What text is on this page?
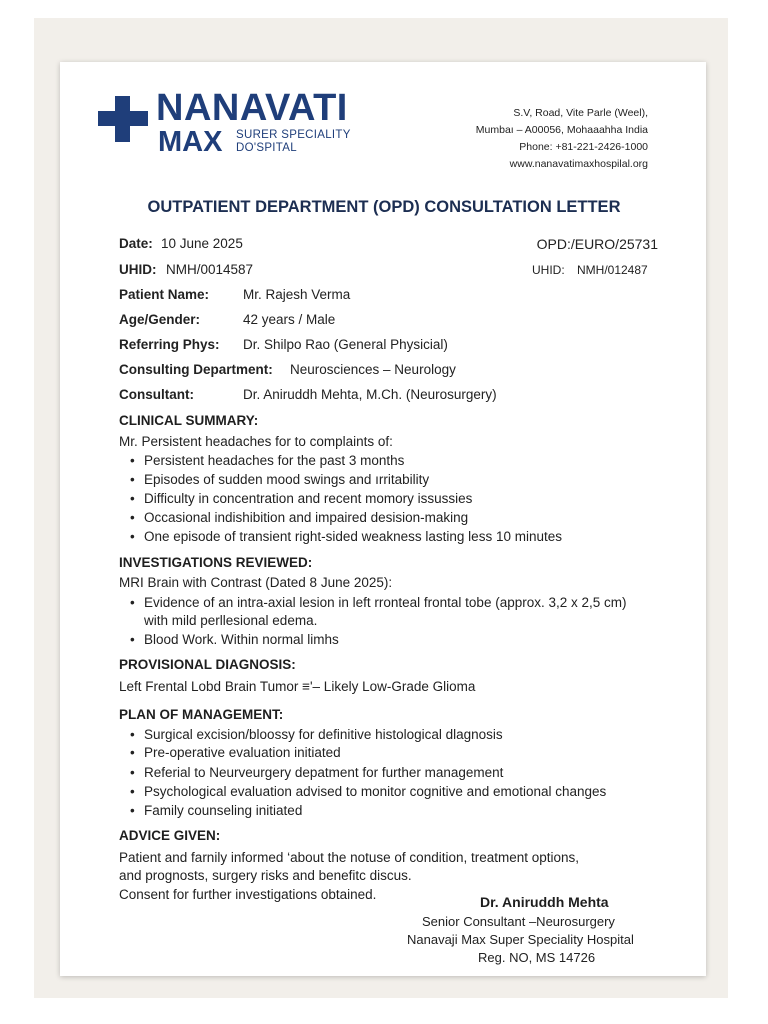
NANAVATI
MAX SURER SPECIALITY
DO'SPITAL
S.V, Road, Vite Parle (Weel),
Mumbaı – A00056, Mohaaahha India
Phone: +81-221-2426-1000
www.nanavatimaxhospilal.org
OUTPATIENT DEPARTMENT (OPD) CONSULTATION LETTER
Date: 10 June 2025	OPD:/EURO/25731
UHID: NMH/0014587	UHID: NMH/012487
Patient Name:	Mr. Rajesh Verma
Age/Gender:	42 years / Male
Referring Phys: Dr. Shilpo Rao (General Physicial)
Consulting Department: Neurosciences – Neurology
Consultant:	Dr. Aniruddh Mehta, M.Ch. (Neurosurgery)
CLINICAL SUMMARY:
Mr. Persistent headaches for to complaints of:
• Persistent headaches for the past 3 months
• Episodes of sudden mood swings and ırritability
• Difficulty in concentration and recent momory issussies
• Occasional indishibition and impaired desision-making
• One episode of transient right-sided weakness lasting less 10 minutes
INVESTIGATIONS REVIEWED:
MRI Brain with Contrast (Dated 8 June 2025):
• Evidence of an intra-axial lesion in left rronteal frontal tobe (approx. 3,2 x 2,5 cm)
with mild perllesional edema.
• Blood Work. Within normal limhs
PROVISIONAL DIAGNOSIS:
Left Frental Lobd Brain Tumor ≡'– Likely Low-Grade Glioma
PLAN OF MANAGEMENT:
• Surgical excision/bloossy for definitive histological dlagnosis
• Pre-operative evaluation initiated
• Referial to Neurveurgery depatment for further management
• Psychological evaluation advised to monitor cognitive and emotional changes
• Family counseling initiated
ADVICE GIVEN:
Patient and farnily informed ‘about the notuse of condition, treatment options,
and prognosts, surgery risks and benefitc discus.
Consent for further investigations obtained.	Dr. Aniruddh Mehta
Senior Consultant –Neurosurgery
Nanavaji Max Super Speciality Hospital
Reg. NO, MS 14726
